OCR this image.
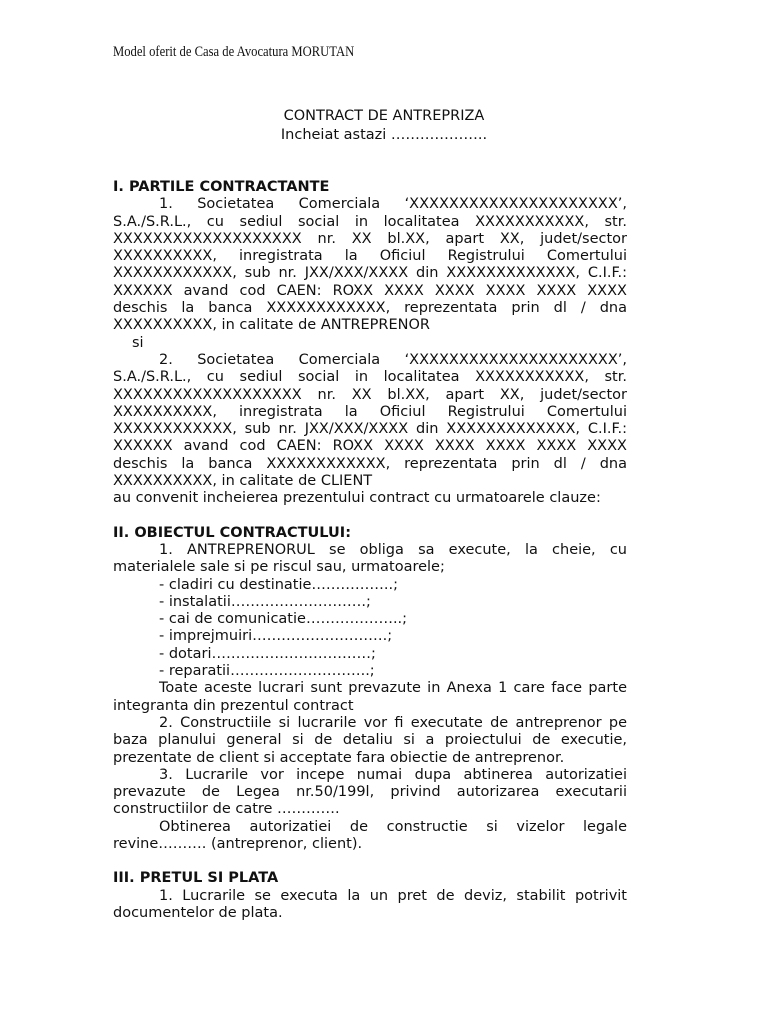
Model oferit de Casa de Avocatura MORUTAN
CONTRACT DE ANTREPRIZA
Incheiat astazi ………………..

I. PARTILE CONTRACTANTE

1. Societatea Comerciala ‘XXXXXXXXXXXXXXXXXXXXX’, S.A./S.R.L., cu sediul social in localitatea XXXXXXXXXXX, str. XXXXXXXXXXXXXXXXXXX nr. XX bl.XX, apart XX, judet/sector XXXXXXXXXX, inregistrata la Oficiul Registrului Comertului XXXXXXXXXXXX, sub nr. JXX/XXX/XXXX din XXXXXXXXXXXXX, C.I.F.: XXXXXX avand cod CAEN: ROXX XXXX XXXX XXXX XXXX XXXX deschis la banca XXXXXXXXXXXX, reprezentata prin dl / dna XXXXXXXXXX, in calitate de ANTREPRENOR

si

2. Societatea Comerciala ‘XXXXXXXXXXXXXXXXXXXXX’, S.A./S.R.L., cu sediul social in localitatea XXXXXXXXXXX, str. XXXXXXXXXXXXXXXXXXX nr. XX bl.XX, apart XX, judet/sector XXXXXXXXXX, inregistrata la Oficiul Registrului Comertului XXXXXXXXXXXX, sub nr. JXX/XXX/XXXX din XXXXXXXXXXXXX, C.I.F.: XXXXXX avand cod CAEN: ROXX XXXX XXXX XXXX XXXX XXXX deschis la banca XXXXXXXXXXXX, reprezentata prin dl / dna XXXXXXXXXX, in calitate de CLIENT

au convenit incheierea prezentului contract cu urmatoarele clauze:

II. OBIECTUL CONTRACTULUI:

1. ANTREPRENORUL se obliga sa execute, la cheie, cu materialele sale si pe riscul sau, urmatoarele;

- cladiri cu destinatie……………..;

- instalatii……………………….;

- cai de comunicatie………………..;

- imprejmuiri……………………….;

- dotari……………………………;

- reparatii………………………..;

Toate aceste lucrari sunt prevazute in Anexa 1 care face parte integranta din prezentul contract

2. Constructiile si lucrarile vor fi executate de antreprenor pe baza planului general si de detaliu si a proiectului de executie, prezentate de client si acceptate fara obiectie de antreprenor.

3. Lucrarile vor incepe numai dupa abtinerea autorizatiei prevazute de Legea nr.50/199l, privind autorizarea executarii constructiilor de catre ………….

Obtinerea autorizatiei de constructie si vizelor legale revine………. (antreprenor, client).

III. PRETUL SI PLATA

1. Lucrarile se executa la un pret de deviz, stabilit potrivit documentelor de plata.
